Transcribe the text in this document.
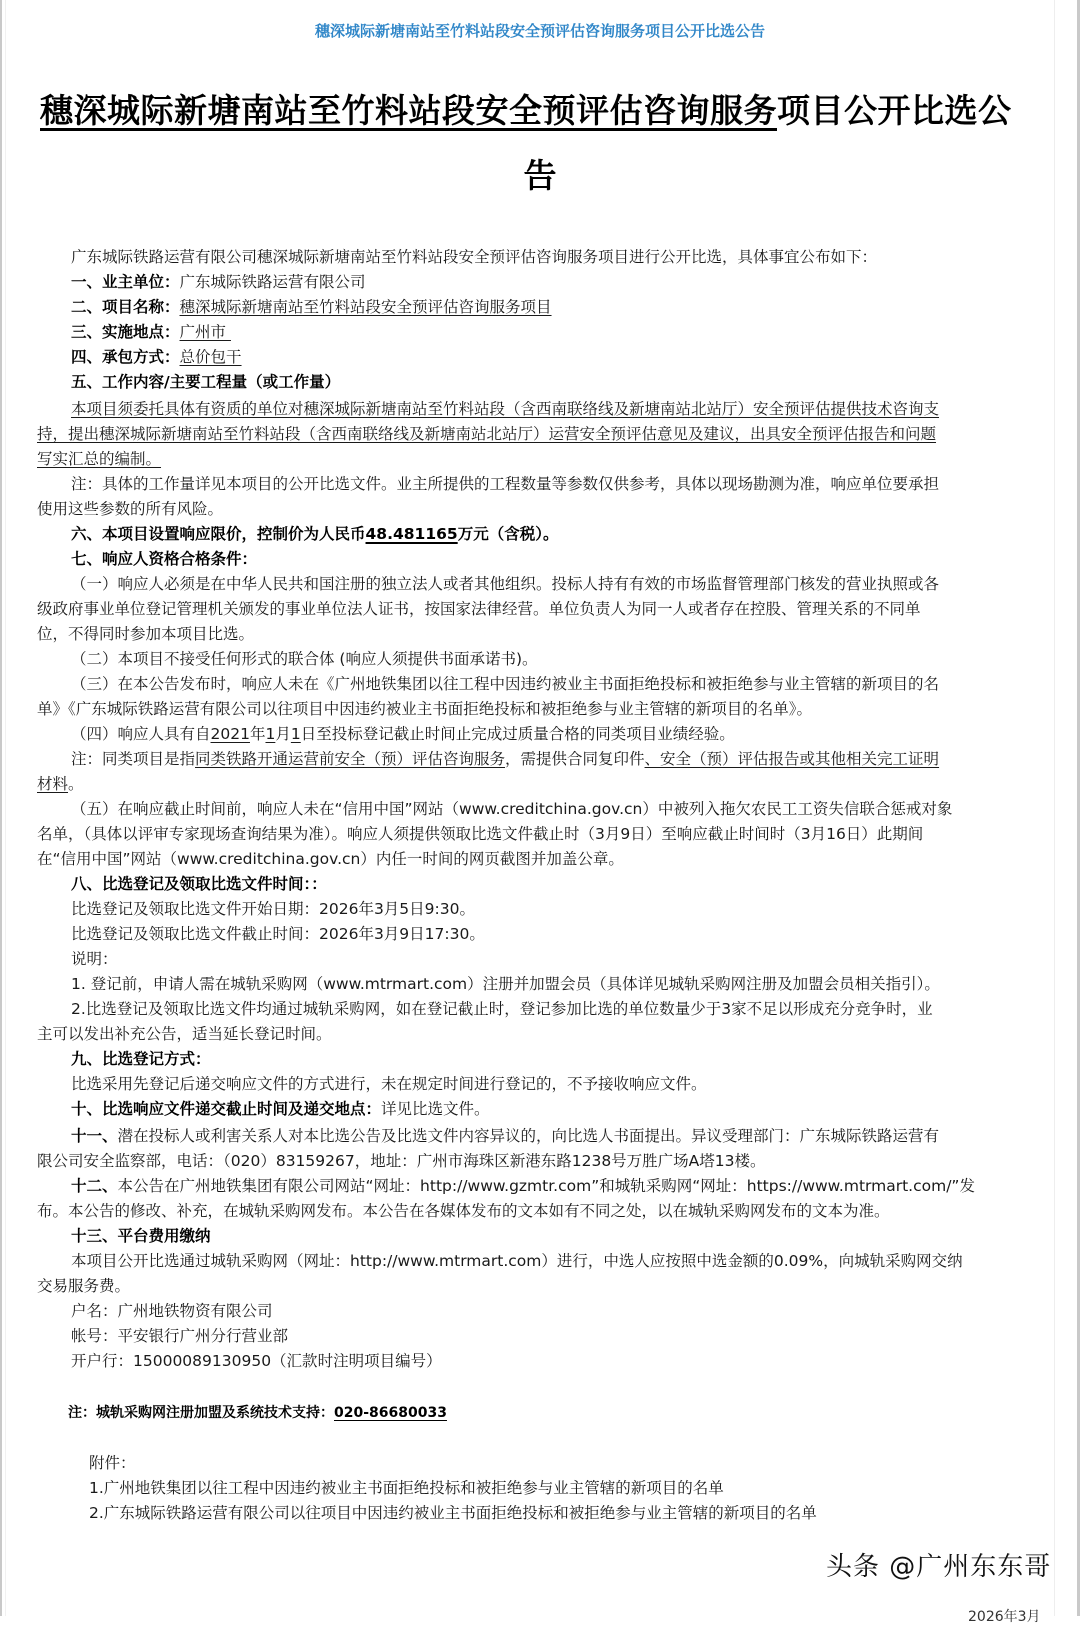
穗深城际新塘南站至竹料站段安全预评估咨询服务项目公开比选公告
穗深城际新塘南站至竹料站段安全预评估咨询服务项目公开比选公
告
广东城际铁路运营有限公司穗深城际新塘南站至竹料站段安全预评估咨询服务项目进行公开比选，具体事宜公布如下：
一、业主单位：广东城际铁路运营有限公司
二、项目名称：穗深城际新塘南站至竹料站段安全预评估咨询服务项目
三、实施地点：广州市
四、承包方式：总价包干
五、工作内容/主要工程量（或工作量）
本项目须委托具体有资质的单位对穗深城际新塘南站至竹料站段（含西南联络线及新塘南站北站厅）安全预评估提供技术咨询支
持，提出穗深城际新塘南站至竹料站段（含西南联络线及新塘南站北站厅）运营安全预评估意见及建议，出具安全预评估报告和问题
写实汇总的编制。
注：具体的工作量详见本项目的公开比选文件。业主所提供的工程数量等参数仅供参考，具体以现场勘测为准，响应单位要承担
使用这些参数的所有风险。
六、本项目设置响应限价，控制价为人民币48.481165万元（含税）。
七、响应人资格合格条件：
（一）响应人必须是在中华人民共和国注册的独立法人或者其他组织。投标人持有有效的市场监督管理部门核发的营业执照或各
级政府事业单位登记管理机关颁发的事业单位法人证书，按国家法律经营。单位负责人为同一人或者存在控股、管理关系的不同单
位，不得同时参加本项目比选。
（二）本项目不接受任何形式的联合体 (响应人须提供书面承诺书)。
（三）在本公告发布时，响应人未在《广州地铁集团以往工程中因违约被业主书面拒绝投标和被拒绝参与业主管辖的新项目的名
单》《广东城际铁路运营有限公司以往项目中因违约被业主书面拒绝投标和被拒绝参与业主管辖的新项目的名单》。
（四）响应人具有自2021年1月1日至投标登记截止时间止完成过质量合格的同类项目业绩经验。
注：同类项目是指同类铁路开通运营前安全（预）评估咨询服务，需提供合同复印件、安全（预）评估报告或其他相关完工证明
材料。
（五）在响应截止时间前，响应人未在“信用中国”网站（www.creditchina.gov.cn）中被列入拖欠农民工工资失信联合惩戒对象
名单，（具体以评审专家现场查询结果为准）。响应人须提供领取比选文件截止时（3月9日）至响应截止时间时（3月16日）此期间
在“信用中国”网站（www.creditchina.gov.cn）内任一时间的网页截图并加盖公章。
八、比选登记及领取比选文件时间：：
比选登记及领取比选文件开始日期：2026年3月5日9:30。
比选登记及领取比选文件截止时间：2026年3月9日17:30。
说明：
1. 登记前，申请人需在城轨采购网（www.mtrmart.com）注册并加盟会员（具体详见城轨采购网注册及加盟会员相关指引）。
2.比选登记及领取比选文件均通过城轨采购网，如在登记截止时，登记参加比选的单位数量少于3家不足以形成充分竞争时，业
主可以发出补充公告，适当延长登记时间。
九、比选登记方式：
比选采用先登记后递交响应文件的方式进行，未在规定时间进行登记的，不予接收响应文件。
十、比选响应文件递交截止时间及递交地点：详见比选文件。
十一、潜在投标人或利害关系人对本比选公告及比选文件内容异议的，向比选人书面提出。异议受理部门：广东城际铁路运营有
限公司安全监察部，电话：（020）83159267，地址：广州市海珠区新港东路1238号万胜广场A塔13楼。
十二、本公告在广州地铁集团有限公司网站“网址：http://www.gzmtr.com”和城轨采购网“网址：https://www.mtrmart.com/”发
布。本公告的修改、补充，在城轨采购网发布。本公告在各媒体发布的文本如有不同之处，以在城轨采购网发布的文本为准。
十三、平台费用缴纳
本项目公开比选通过城轨采购网（网址：http://www.mtrmart.com）进行，中选人应按照中选金额的0.09%，向城轨采购网交纳
交易服务费。
户名：广州地铁物资有限公司
帐号：平安银行广州分行营业部
开户行：15000089130950（汇款时注明项目编号）
注：城轨采购网注册加盟及系统技术支持：020-86680033
附件：
1.广州地铁集团以往工程中因违约被业主书面拒绝投标和被拒绝参与业主管辖的新项目的名单
2.广东城际铁路运营有限公司以往项目中因违约被业主书面拒绝投标和被拒绝参与业主管辖的新项目的名单
头条 @广州东东哥
2026年3月
